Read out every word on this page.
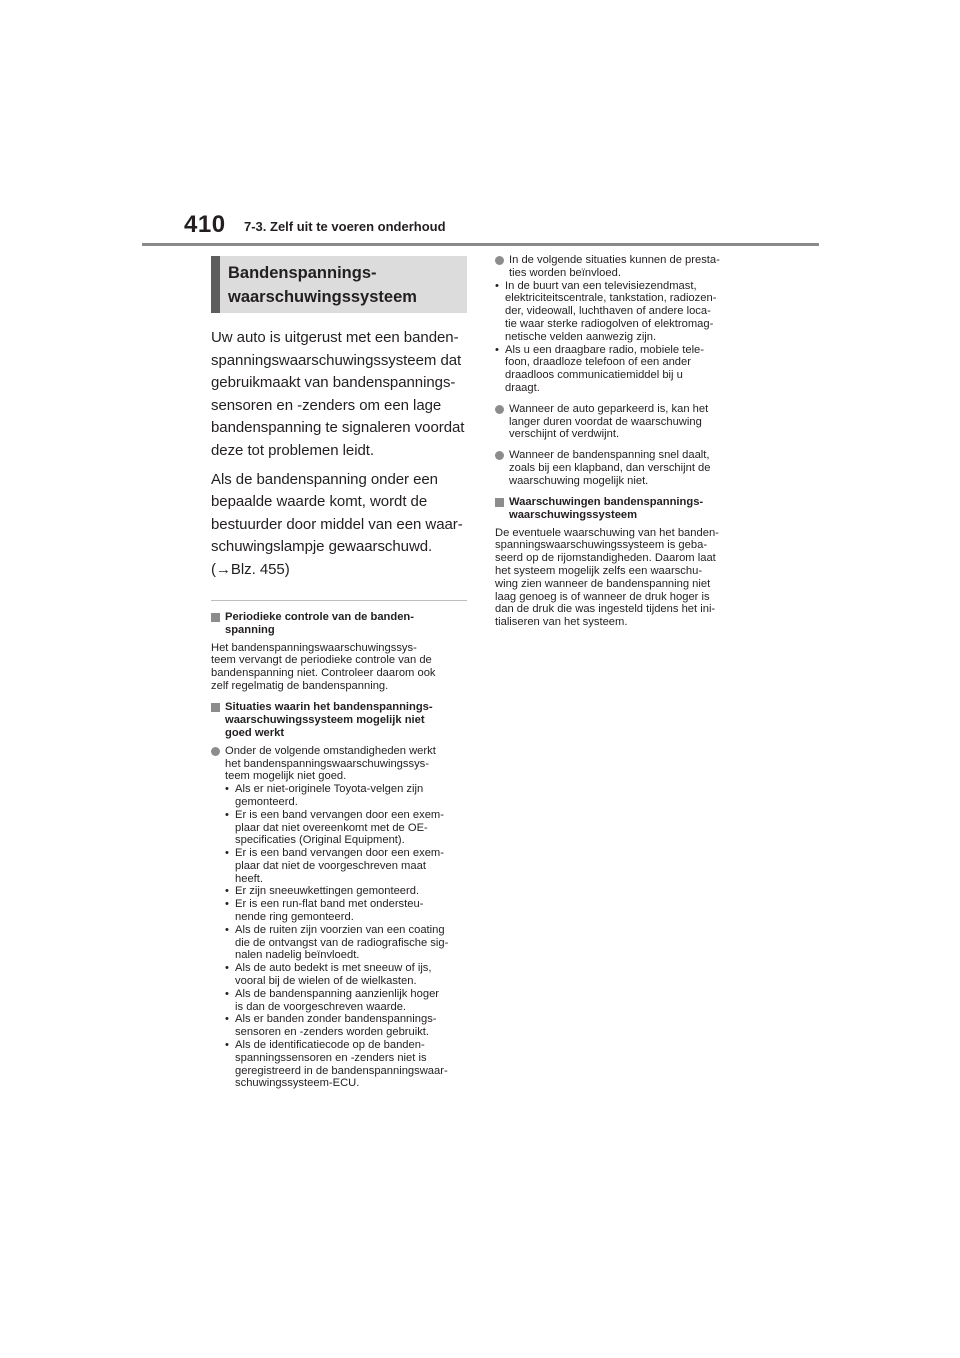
410 7-3. Zelf uit te voeren onderhoud
Bandenspannings-
waarschuwingssysteem
Uw auto is uitgerust met een banden-
spanningswaarschuwingssysteem dat
gebruikmaakt van bandenspannings-
sensoren en -zenders om een lage
bandenspanning te signaleren voordat
deze tot problemen leidt.
Als de bandenspanning onder een
bepaalde waarde komt, wordt de
bestuurder door middel van een waar-
schuwingslampje gewaarschuwd.
(→Blz. 455)
Periodieke controle van de banden-
spanning
Het bandenspanningswaarschuwingssys-
teem vervangt de periodieke controle van de
bandenspanning niet. Controleer daarom ook
zelf regelmatig de bandenspanning.
Situaties waarin het bandenspannings-
waarschuwingssysteem mogelijk niet
goed werkt
Onder de volgende omstandigheden werkt
het bandenspanningswaarschuwingssys-
teem mogelijk niet goed.
• Als er niet-originele Toyota-velgen zijn
gemonteerd.
• Er is een band vervangen door een exem-
plaar dat niet overeenkomt met de OE-
specificaties (Original Equipment).
• Er is een band vervangen door een exem-
plaar dat niet de voorgeschreven maat
heeft.
• Er zijn sneeuwkettingen gemonteerd.
• Er is een run-flat band met ondersteu-
nende ring gemonteerd.
• Als de ruiten zijn voorzien van een coating
die de ontvangst van de radiografische sig-
nalen nadelig beïnvloedt.
• Als de auto bedekt is met sneeuw of ijs,
vooral bij de wielen of de wielkasten.
• Als de bandenspanning aanzienlijk hoger
is dan de voorgeschreven waarde.
• Als er banden zonder bandenspannings-
sensoren en -zenders worden gebruikt.
• Als de identificatiecode op de banden-
spanningssensoren en -zenders niet is
geregistreerd in de bandenspanningswaar-
schuwingssysteem-ECU.
In de volgende situaties kunnen de presta-
ties worden beïnvloed.
• In de buurt van een televisiezendmast,
elektriciteitscentrale, tankstation, radiozen-
der, videowall, luchthaven of andere loca-
tie waar sterke radiogolven of elektromag-
netische velden aanwezig zijn.
• Als u een draagbare radio, mobiele tele-
foon, draadloze telefoon of een ander
draadloos communicatiemiddel bij u
draagt.
Wanneer de auto geparkeerd is, kan het
langer duren voordat de waarschuwing
verschijnt of verdwijnt.
Wanneer de bandenspanning snel daalt,
zoals bij een klapband, dan verschijnt de
waarschuwing mogelijk niet.
Waarschuwingen bandenspannings-
waarschuwingssysteem
De eventuele waarschuwing van het banden-
spanningswaarschuwingssysteem is geba-
seerd op de rijomstandigheden. Daarom laat
het systeem mogelijk zelfs een waarschu-
wing zien wanneer de bandenspanning niet
laag genoeg is of wanneer de druk hoger is
dan de druk die was ingesteld tijdens het ini-
tialiseren van het systeem.
